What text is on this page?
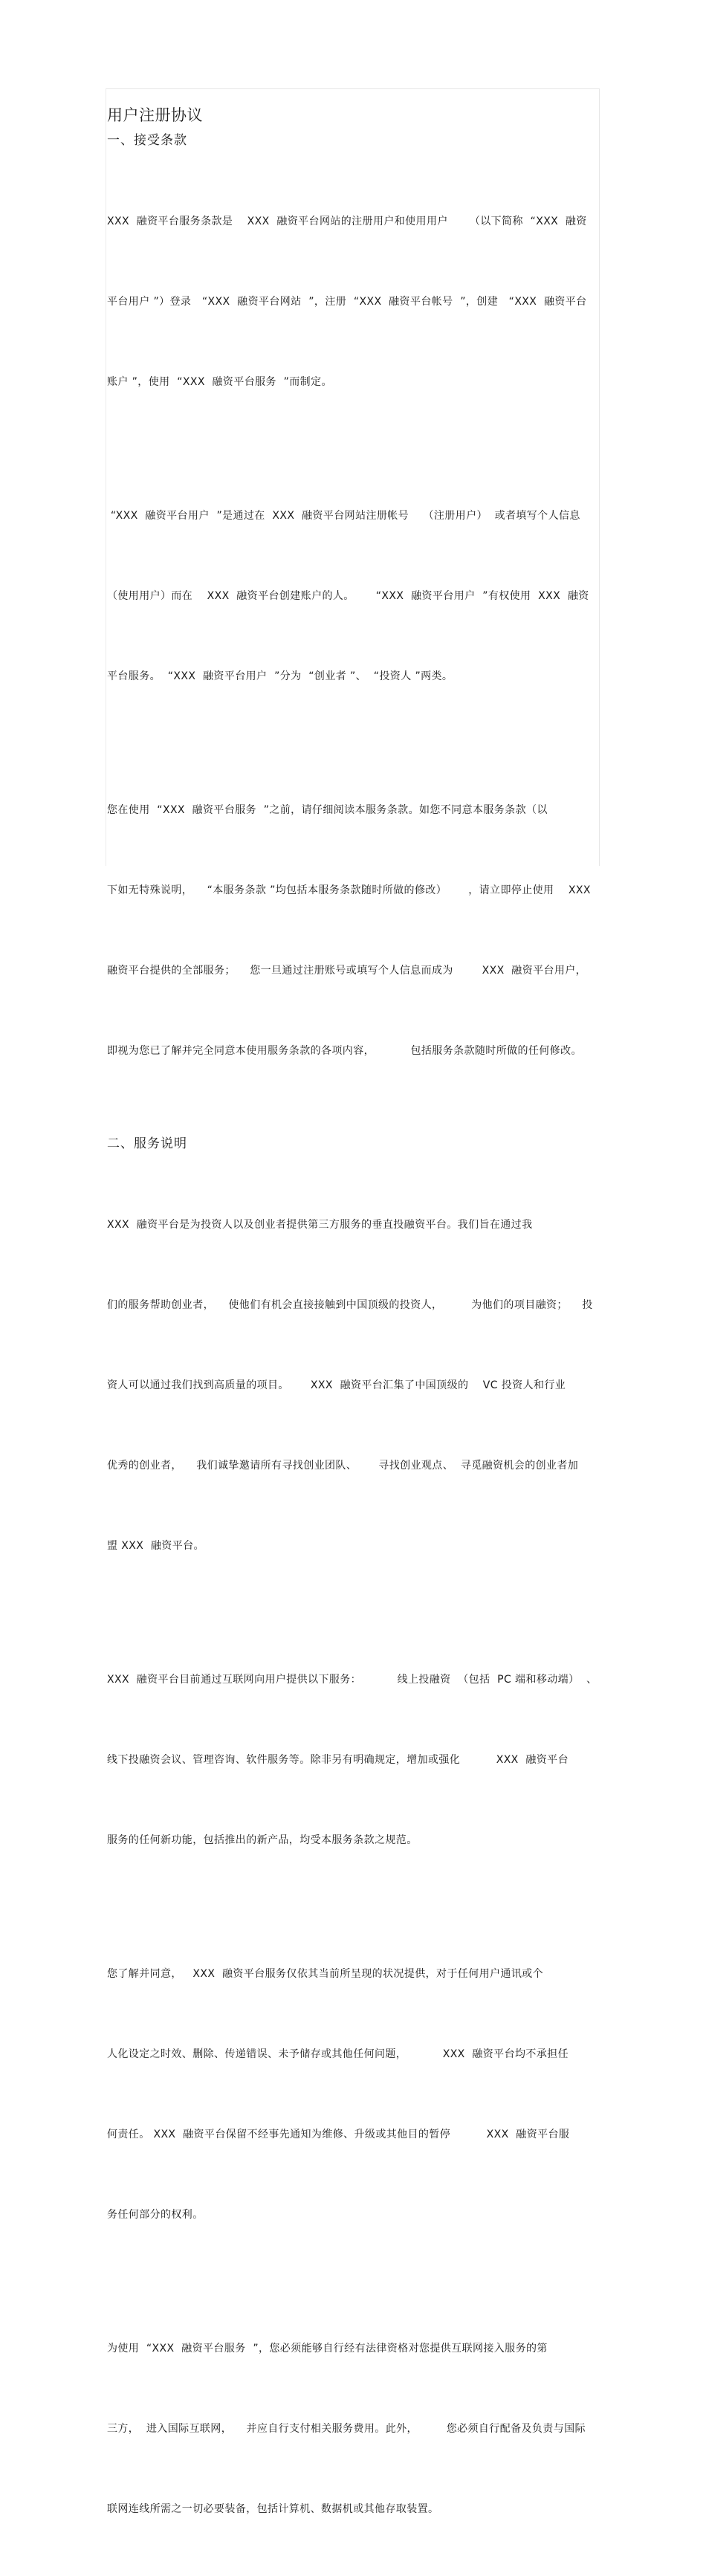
用户注册协议
一、接受条款

XXX  融资平台服务条款是    XXX  融资平台网站的注册用户和使用用户      （以下简称  “XXX  融资

平台用户 ”）登录   “XXX  融资平台网站  ”，注册  “XXX  融资平台帐号  ”，创建   “XXX  融资平台

账户 ”，使用  “XXX  融资平台服务  ”而制定。

“XXX  融资平台用户  ”是通过在  XXX  融资平台网站注册帐号    （注册用户）  或者填写个人信息

（使用用户）而在    XXX  融资平台创建账户的人。      “XXX  融资平台用户  ”有权使用  XXX  融资

平台服务。  “XXX  融资平台用户  ”分为  “创业者 ”、  “投资人 ”两类。

您在使用  “XXX  融资平台服务  ”之前，请仔细阅读本服务条款。如您不同意本服务条款（以

下如无特殊说明，    “本服务条款 ”均包括本服务条款随时所做的修改）      ，请立即停止使用    XXX

融资平台提供的全部服务；    您一旦通过注册账号或填写个人信息而成为        XXX  融资平台用户，

即视为您已了解并完全同意本使用服务条款的各项内容，          包括服务条款随时所做的任何修改。

二、服务说明

XXX  融资平台是为投资人以及创业者提供第三方服务的垂直投融资平台。我们旨在通过我

们的服务帮助创业者，    使他们有机会直接接触到中国顶级的投资人，        为他们的项目融资；    投

资人可以通过我们找到高质量的项目。      XXX  融资平台汇集了中国顶级的    VC 投资人和行业

优秀的创业者，    我们诚挚邀请所有寻找创业团队、      寻找创业观点、  寻觅融资机会的创业者加

盟 XXX  融资平台。

XXX  融资平台目前通过互联网向用户提供以下服务：          线上投融资  （包括  PC 端和移动端）  、

线下投融资会议、管理咨询、软件服务等。除非另有明确规定，增加或强化          XXX  融资平台

服务的任何新功能，包括推出的新产品，均受本服务条款之规范。

您了解并同意，   XXX  融资平台服务仅依其当前所呈现的状况提供，对于任何用户通讯或个

人化设定之时效、删除、传递错误、未予储存或其他任何问题，          XXX  融资平台均不承担任

何责任。 XXX  融资平台保留不经事先通知为维修、升级或其他目的暂停          XXX  融资平台服

务任何部分的权利。

为使用  “XXX  融资平台服务  ”，您必须能够自行经有法律资格对您提供互联网接入服务的第

三方，  进入国际互联网，    并应自行支付相关服务费用。此外，        您必须自行配备及负责与国际

联网连线所需之一切必要装备，包括计算机、数据机或其他存取装置。
